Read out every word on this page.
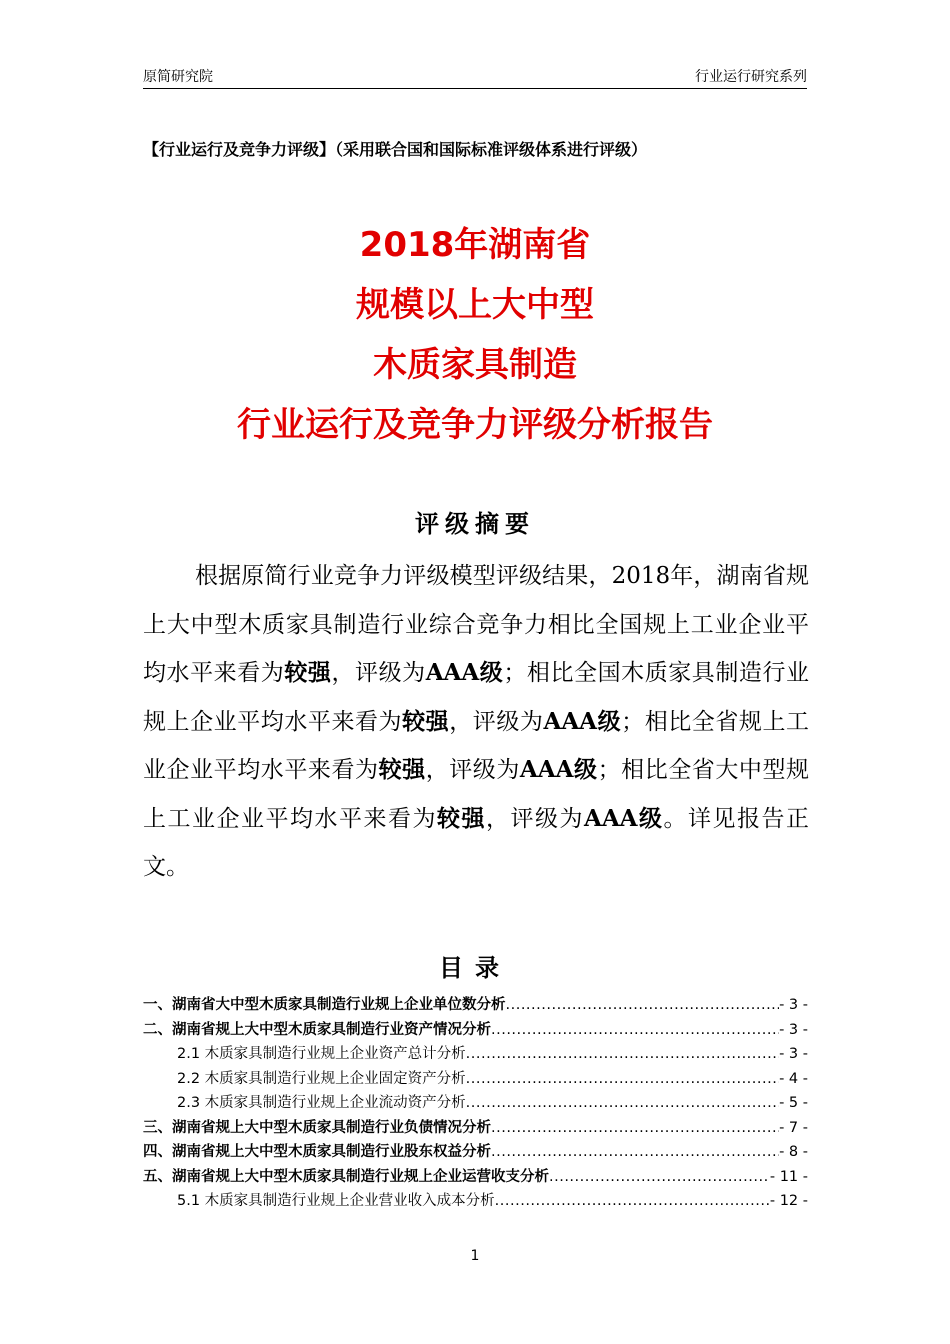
原简研究院	行业运行研究系列
【行业运行及竞争力评级】（采用联合国和国际标准评级体系进行评级）
2018年湖南省
规模以上大中型
木质家具制造
行业运行及竞争力评级分析报告
评级摘要
根据原简行业竞争力评级模型评级结果，2018年，湖南省规上大中型木质家具制造行业综合竞争力相比全国规上工业企业平均水平来看为较强，评级为AAA级；相比全国木质家具制造行业规上企业平均水平来看为较强，评级为AAA级；相比全省规上工业企业平均水平来看为较强，评级为AAA级；相比全省大中型规上工业企业平均水平来看为较强，评级为AAA级。详见报告正文。
目录
一、湖南省大中型木质家具制造行业规上企业单位数分析 .....	- 3 -
二、湖南省规上大中型木质家具制造行业资产情况分析 .....	- 3 -
2.1 木质家具制造行业规上企业资产总计分析 .....	- 3 -
2.2 木质家具制造行业规上企业固定资产分析 .....	- 4 -
2.3 木质家具制造行业规上企业流动资产分析 .....	- 5 -
三、湖南省规上大中型木质家具制造行业负债情况分析 .....	- 7 -
四、湖南省规上大中型木质家具制造行业股东权益分析 .....	- 8 -
五、湖南省规上大中型木质家具制造行业规上企业运营收支分析 .....	- 11 -
5.1 木质家具制造行业规上企业营业收入成本分析 .....	- 12 -
1
